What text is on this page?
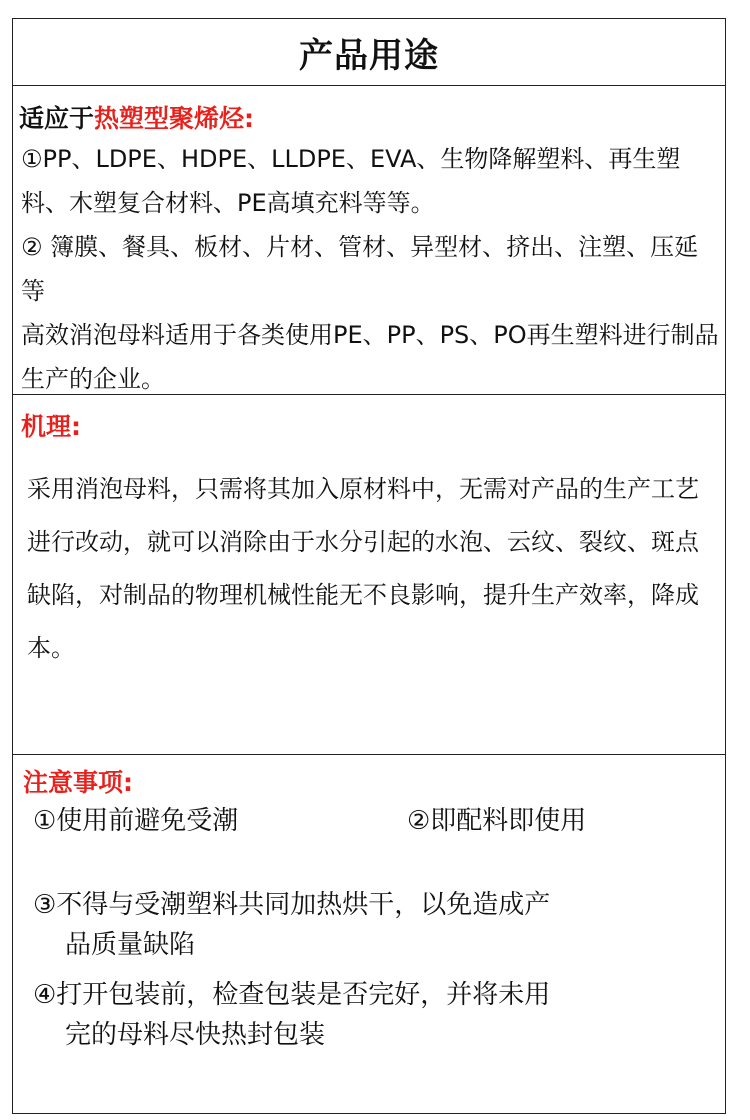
产品用途
适应于热塑型聚烯烃:

①PP、LDPE、HDPE、LLDPE、EVA、生物降解塑料、再生塑料、木塑复合材料、PE高填充料等等。

② 簿膜、餐具、板材、片材、管材、异型材、挤出、注塑、压延等

高效消泡母料适用于各类使用PE、PP、PS、PO再生塑料进行制品生产的企业。

机理:

采用消泡母料，只需将其加入原材料中，无需对产品的生产工艺进行改动，就可以消除由于水分引起的水泡、云纹、裂纹、斑点缺陷，对制品的物理机械性能无不良影响，提升生产效率，降成本。

注意事项:
①使用前避免受潮	②即配料即使用
③不得与受潮塑料共同加热烘干，以免造成产
品质量缺陷
④打开包装前，检查包装是否完好，并将未用
完的母料尽快热封包装
